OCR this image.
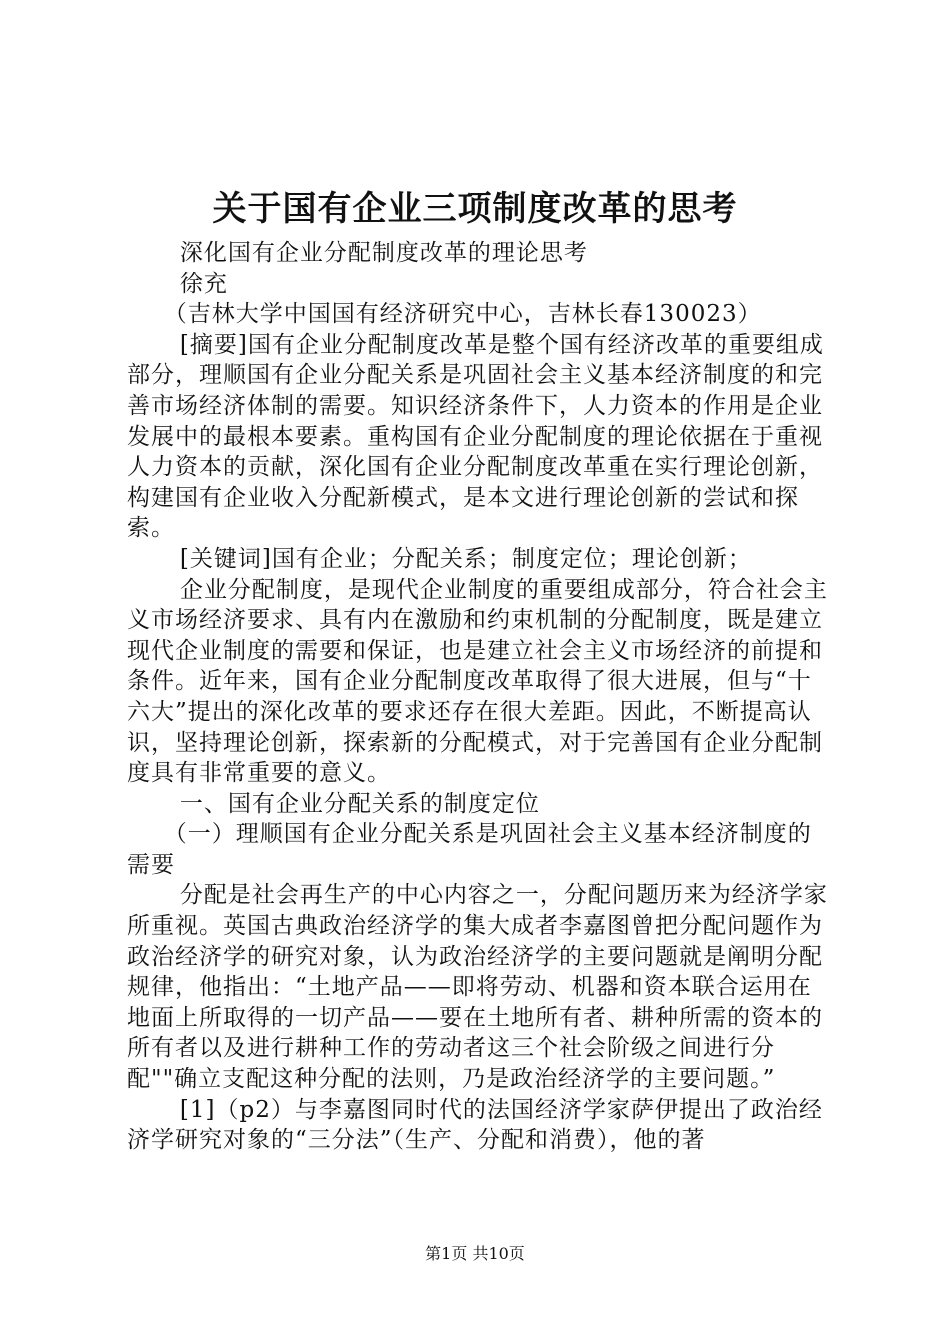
关于国有企业三项制度改革的思考

深化国有企业分配制度改革的理论思考

徐充

（吉林大学中国国有经济研究中心，吉林长春130023）

[摘要]国有企业分配制度改革是整个国有经济改革的重要组成部分，理顺国有企业分配关系是巩固社会主义基本经济制度的和完善市场经济体制的需要。知识经济条件下，人力资本的作用是企业发展中的最根本要素。重构国有企业分配制度的理论依据在于重视人力资本的贡献，深化国有企业分配制度改革重在实行理论创新，构建国有企业收入分配新模式，是本文进行理论创新的尝试和探索。

[关键词]国有企业；分配关系；制度定位；理论创新；

企业分配制度，是现代企业制度的重要组成部分，符合社会主义市场经济要求、具有内在激励和约束机制的分配制度，既是建立现代企业制度的需要和保证，也是建立社会主义市场经济的前提和条件。近年来，国有企业分配制度改革取得了很大进展，但与“十六大”提出的深化改革的要求还存在很大差距。因此，不断提高认识，坚持理论创新，探索新的分配模式，对于完善国有企业分配制度具有非常重要的意义。

一、国有企业分配关系的制度定位

（一）理顺国有企业分配关系是巩固社会主义基本经济制度的需要

分配是社会再生产的中心内容之一，分配问题历来为经济学家所重视。英国古典政治经济学的集大成者李嘉图曾把分配问题作为政治经济学的研究对象，认为政治经济学的主要问题就是阐明分配规律，他指出：“土地产品——即将劳动、机器和资本联合运用在地面上所取得的一切产品——要在土地所有者、耕种所需的资本的所有者以及进行耕种工作的劳动者这三个社会阶级之间进行分配""确立支配这种分配的法则，乃是政治经济学的主要问题。”

[1]（p2）与李嘉图同时代的法国经济学家萨伊提出了政治经济学研究对象的“三分法”（生产、分配和消费），他的著

第1页 共10页
